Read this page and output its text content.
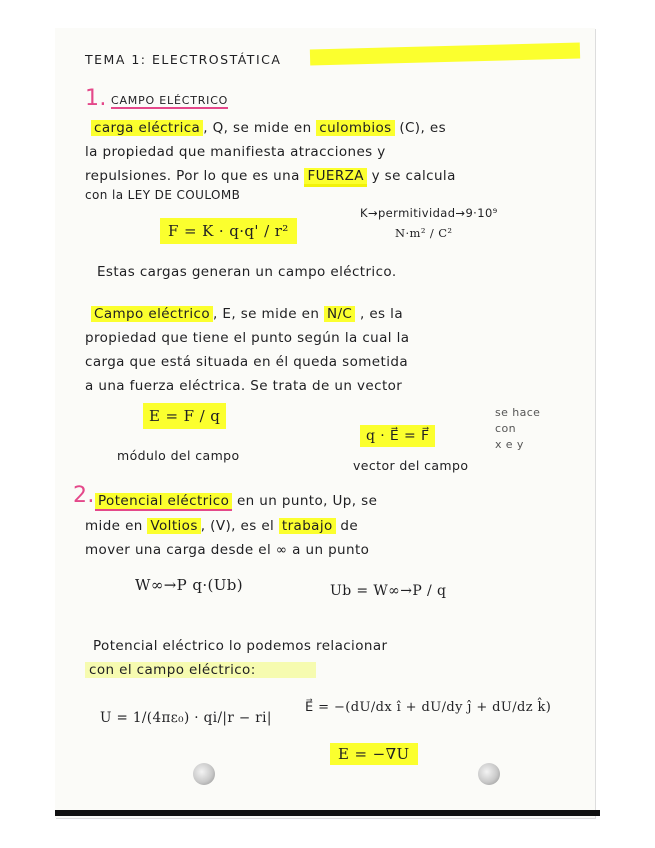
TEMA 1: ELECTROSTÁTICA
1. CAMPO ELÉCTRICO
carga eléctrica , Q, se mide en culombios (C), es
la propiedad que manifiesta atracciones y
repulsiones. Por lo que es una FUERZA y se calcula
con la LEY DE COULOMB
F = K · q·q' / r²
K→permitividad→9·10⁹
N·m² / C²
Estas cargas generan un campo eléctrico.
Campo eléctrico , E, se mide en N/C , es la
propiedad que tiene el punto según la cual la
carga que está situada en él queda sometida
a una fuerza eléctrica. Se trata de un vector
E = F / q
módulo del campo
q · E⃗ = F⃗
vector del campo
se hace
con
x e y
2. Potencial eléctrico en un punto, Up, se
mide en Voltios , (V), es el trabajo de
mover una carga desde el ∞ a un punto
W∞→P q·(Ub)	Ub = W∞→P / q
Potencial eléctrico lo podemos relacionar
con el campo eléctrico:
U = 1/(4πε₀) · qi/|r − ri|
E⃗ = −(dU/dx î + dU/dy ĵ + dU/dz k̂)
E = −∇U
